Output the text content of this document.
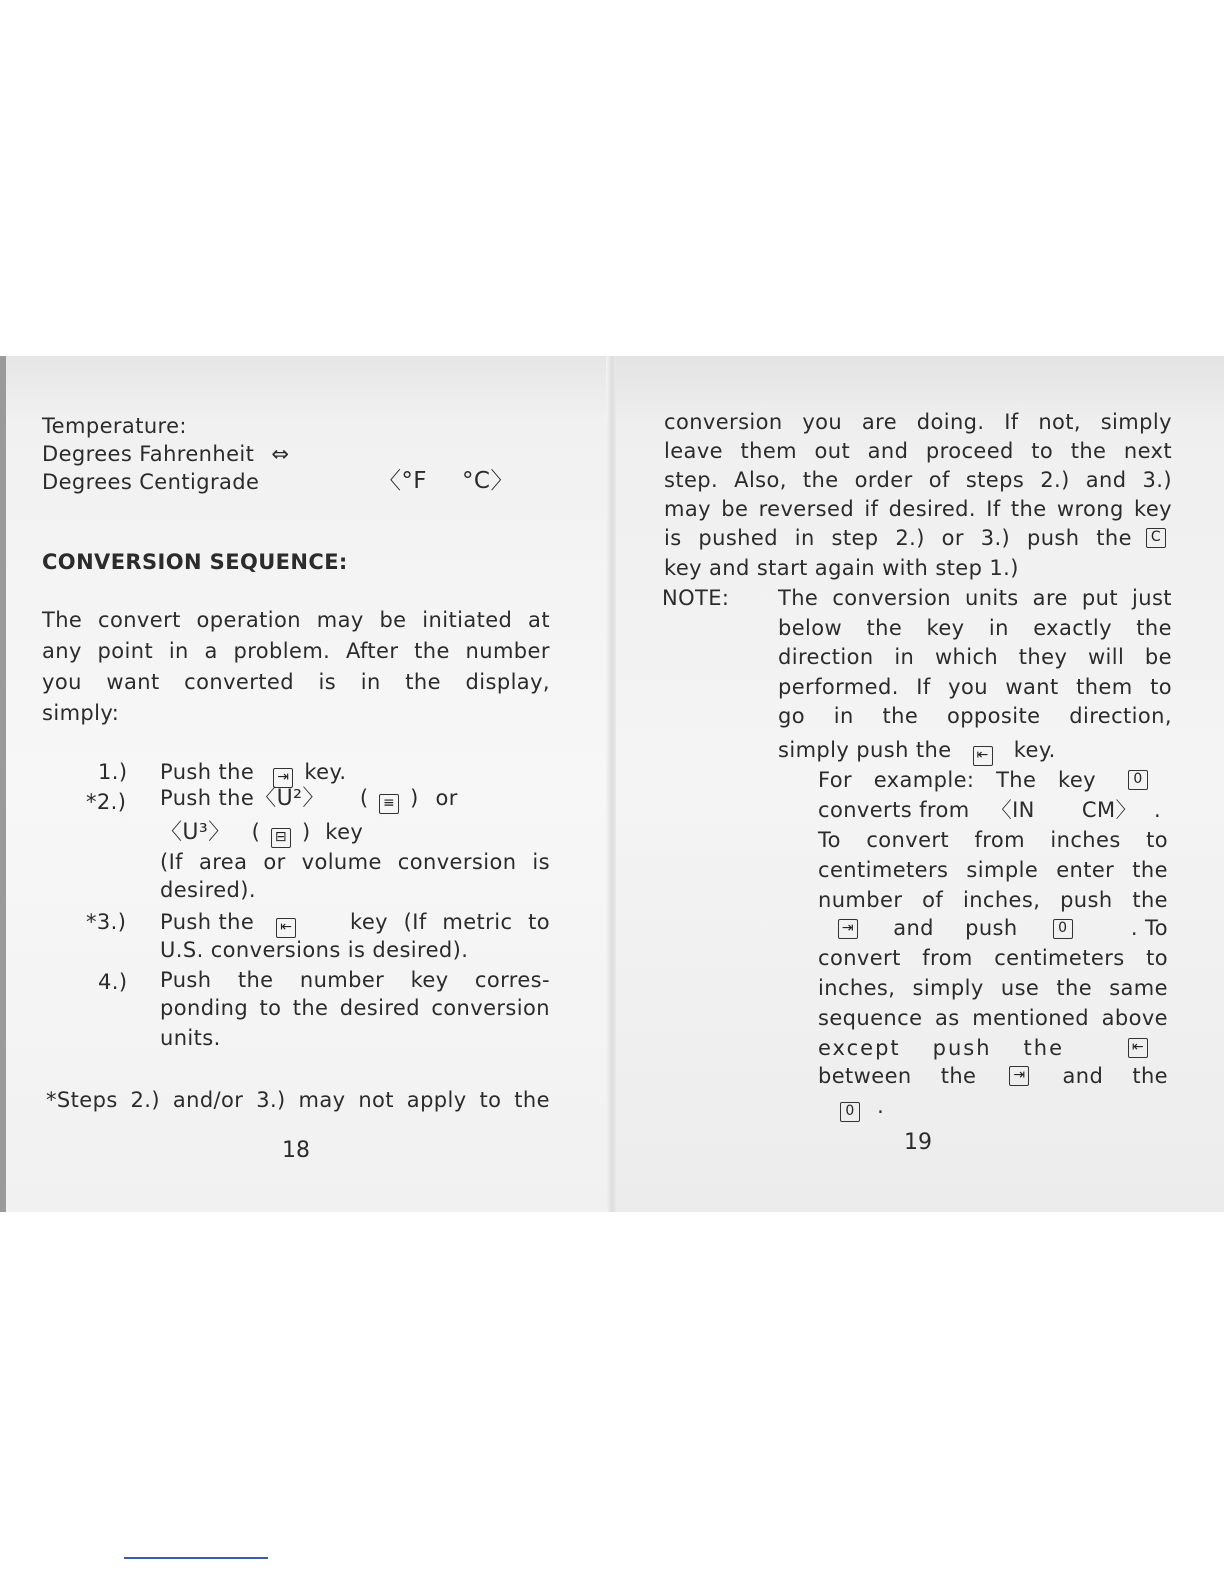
Temperature:
Degrees Fahrenheit ⇔
Degrees Centigrade	〈°F °C〉
CONVERSION SEQUENCE:
The convert operation may be initiated at
any point in a problem. After the number
you want converted is in the display,
simply:
1.) Push the ⇥ key.
*2.) Push the〈U²〉 ( ≡ ) or
〈U³〉 ( ⊟ ) key
(If area or volume conversion is
desired).
*3.) Push the ⇤	key (If metric to
U.S. conversions is desired).
4.) Push the number key corres-
ponding to the desired conversion
units.
*Steps 2.) and/or 3.) may not apply to the
18
conversion you are doing. If not, simply
leave them out and proceed to the next
step. Also, the order of steps 2.) and 3.)
may be reversed if desired. If the wrong key
is pushed in step 2.) or 3.) push the	C
key and start again with step 1.)
NOTE: The conversion units are put just
below the key in exactly the
direction in which they will be
performed. If you want them to
go in the opposite direction,
simply push the ⇤ key.
For example: The key	0
converts from 〈IN CM〉 .
To convert from inches to
centimeters simple enter the
number of inches, push the
⇥ and push	0	. To
convert from centimeters to
inches, simply use the same
sequence as mentioned above
except push the	⇤
between the	⇥ and the
0 .
19
